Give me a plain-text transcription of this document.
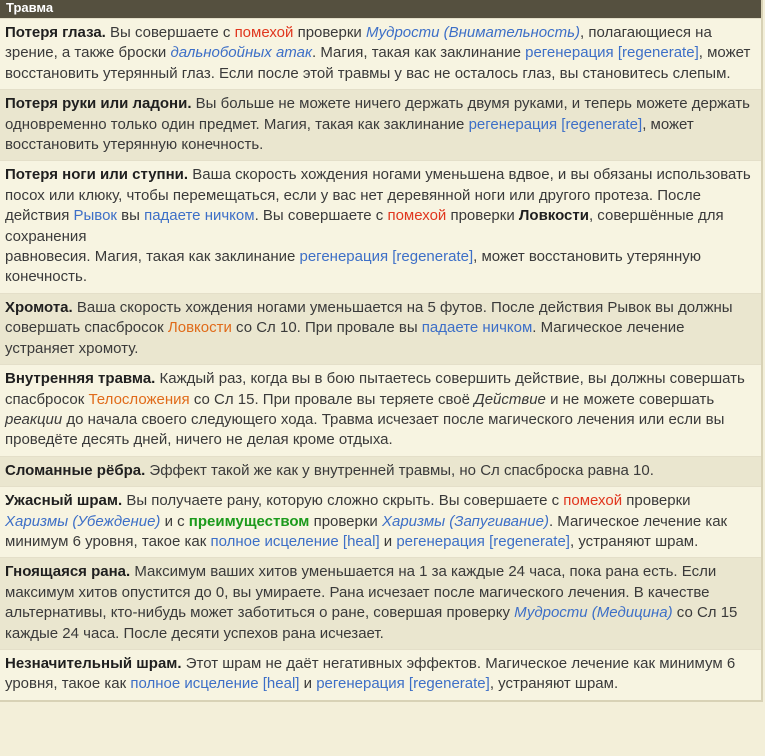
Травма
Потеря глаза. Вы совершаете с помехой проверки Мудрости (Внимательность), полагающиеся на зрение, а также броски дальнобойных атак. Магия, такая как заклинание регенерация [regenerate], может восстановить утерянный глаз. Если после этой травмы у вас не осталось глаз, вы становитесь слепым.
Потеря руки или ладони. Вы больше не можете ничего держать двумя руками, и теперь можете держать одновременно только один предмет. Магия, такая как заклинание регенерация [regenerate], может восстановить утерянную конечность.
Потеря ноги или ступни. Ваша скорость хождения ногами уменьшена вдвое, и вы обязаны использовать посох или клюку, чтобы перемещаться, если у вас нет деревянной ноги или другого протеза. После действия Рывок вы падаете ничком. Вы совершаете с помехой проверки Ловкости, совершённые для сохранения
равновесия. Магия, такая как заклинание регенерация [regenerate], может восстановить утерянную конечность.
Хромота. Ваша скорость хождения ногами уменьшается на 5 футов. После действия Рывок вы должны совершать спасбросок Ловкости со Сл 10. При провале вы падаете ничком. Магическое лечение устраняет хромоту.
Внутренняя травма. Каждый раз, когда вы в бою пытаетесь совершить действие, вы должны совершать спасбросок Телосложения со Сл 15. При провале вы теряете своё Действие и не можете совершать реакции до начала своего следующего хода. Травма исчезает после магического лечения или если вы проведёте десять дней, ничего не делая кроме отдыха.
Сломанные рёбра. Эффект такой же как у внутренней травмы, но Сл спасброска равна 10.
Ужасный шрам. Вы получаете рану, которую сложно скрыть. Вы совершаете с помехой проверки Харизмы (Убеждение) и с преимуществом проверки Харизмы (Запугивание). Магическое лечение как минимум 6 уровня, такое как полное исцеление [heal] и регенерация [regenerate], устраняют шрам.
Гноящаяся рана. Максимум ваших хитов уменьшается на 1 за каждые 24 часа, пока рана есть. Если максимум хитов опустится до 0, вы умираете. Рана исчезает после магического лечения. В качестве альтернативы, кто-нибудь может заботиться о ране, совершая проверку Мудрости (Медицина) со Сл 15 каждые 24 часа. После десяти успехов рана исчезает.
Незначительный шрам. Этот шрам не даёт негативных эффектов. Магическое лечение как минимум 6 уровня, такое как полное исцеление [heal] и регенерация [regenerate], устраняют шрам.
